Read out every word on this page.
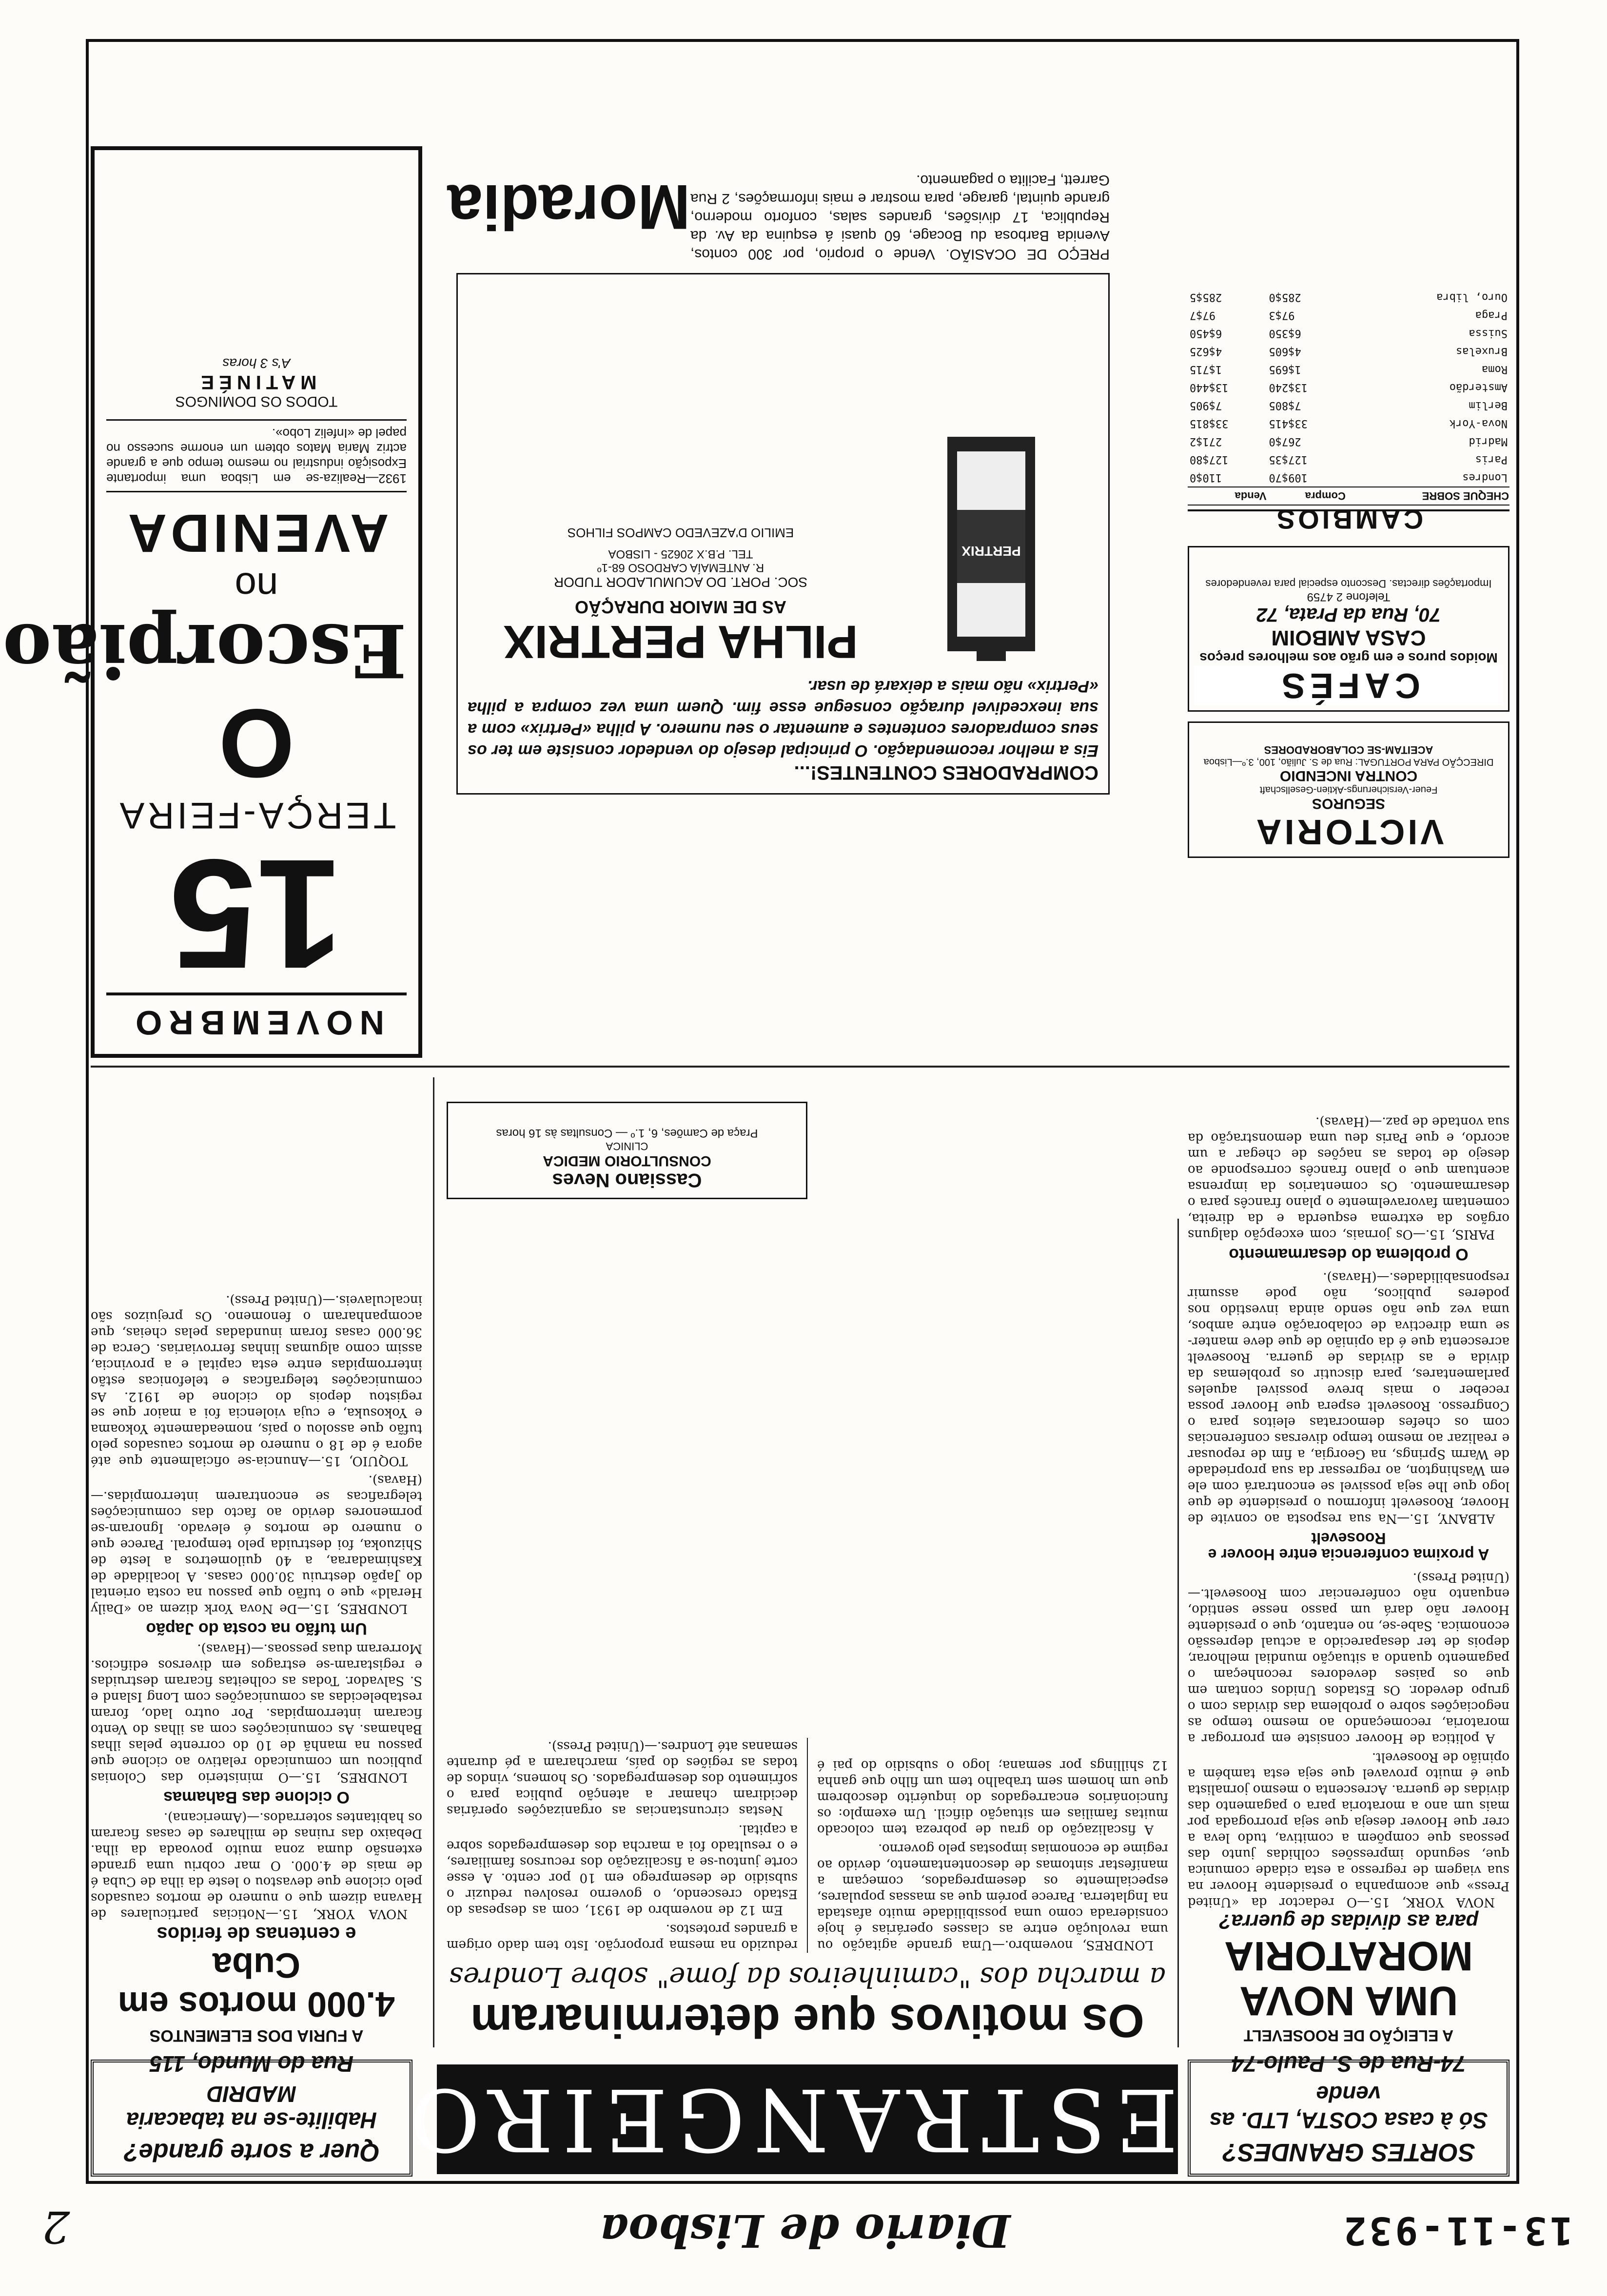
13-11-932
Diario de Lisboa
2
SORTES GRANDES?
Só à casa COSTA, LTD. as vende
74-Rua de S. Paulo-74
ESTRANGEIRO
Quer a sorte grande?
Habilite-se na tabacaria MADRID
Rua do Mundo, 115
A ELEIÇÃO DE ROOSEVELT
UMA NOVA MORATORIA
para as dividas de guerra?

NOVA YORK, 15.—O redactor da «United Press» que acompanha o presidente Hoover na sua viagem de regresso a esta cidade comunica que, segundo impressões colhidas junto das pessoas que compõem a comitiva, tudo leva a crer que Hoover deseja que seja prorrogada por mais um ano a moratoria para o pagamento das dividas de guerra. Acrescenta o mesmo jornalista que é muito provavel que seja esta também a opinião de Roosevelt.

A politica de Hoover consiste em prorrogar a moratoria, recomeçando ao mesmo tempo as negociações sobre o problema das dividas com o grupo devedor. Os Estados Unidos contam em que os paises devedores reconheçam o pagamento quando a situação mundial melhorar, depois de ter desaparecido a actual depressão economica. Sabe-se, no entanto, que o presidente Hoover não dará um passo nesse sentido, enquanto não conferenciar com Roosevelt.—(United Press).

A proxima conferencia entre Hoover e Roosevelt

ALBANY, 15.—Na sua resposta ao convite de Hoover, Roosevelt informou o presidente de que logo que lhe seja possivel se encontrará com ele em Washington, ao regressar da sua propriedade de Warm Springs, na Georgia, a fim de repousar e realizar ao mesmo tempo diversas conferencias com os chefes democratas eleitos para o Congresso. Roosevelt espera que Hoover possa receber o mais breve possivel aqueles parlamentares, para discutir os problemas da divida e as dividas de guerra. Roosevelt acrescenta que é da opinião de que deve manter-se uma directiva de colaboração entre ambos, uma vez que não sendo ainda investido nos poderes publicos, não pode assumir responsabilidades.—(Havas).

O problema do desarmamento

PARIS, 15.—Os jornais, com excepção dalguns orgãos da extrema esquerda e da direita, comentam favoravelmente o plano francês para o desarmamento. Os comentarios da imprensa acentuam que o plano francês corresponde ao desejo de todas as nações de chegar a um acordo, e que Paris deu uma demonstração da sua vontade de paz.—(Havas).

Os motivos que determinaram
a marcha dos "caminheiros da fome" sobre Londres

LONDRES, novembro.—Uma grande agitação ou uma revolução entre as classes operárias é hoje considerada como uma possibilidade muito afastada na Inglaterra. Parece porém que as massas populares, especialmente os desempregados, começam a manifestar sintomas de descontentamento, devido ao regime de economias impostas pelo governo.

A fiscalização do grau de pobreza tem colocado muitas familias em situação dificil. Um exemplo: os funcionários encarregados do inquérito descobrem que um homem sem trabalho tem um filho que ganha 12 shillings por semana; logo o subsidio do pai é reduzido na mesma proporção. Isto tem dado origem a grandes protestos.

Em 12 de novembro de 1931, com as despesas do Estado crescendo, o governo resolveu reduzir o subsidio de desemprego em 10 por cento. A esse corte juntou-se a fiscalização dos recursos familiares, e o resultado foi a marcha dos desempregados sobre a capital.

Nestas circunstancias as organizações operárias decidiram chamar a atenção publica para o sofrimento dos desempregados. Os homens, vindos de todas as regiões do país, marcharam a pé durante semanas até Londres.—(United Press).

Cassiano Neves
CONSULTORIO MEDICA
CLINICA
Praça de Camões, 6, 1.º — Consultas às 16 horas
A FURIA DOS ELEMENTOS
4.000 mortos em Cuba
e centenas de feridos

NOVA YORK, 15.—Noticias particulares de Havana dizem que o numero de mortos causados pelo ciclone que devastou o leste da ilha de Cuba é de mais de 4.000. O mar cobriu uma grande extensão duma zona muito povoada da ilha. Debaixo das ruinas de milhares de casas ficaram os habitantes soterrados.—(Americana).

O ciclone das Bahamas

LONDRES, 15.—O ministerio das Colonias publicou um comunicado relativo ao ciclone que passou na manhã de 10 do corrente pelas ilhas Bahamas. As comunicações com as ilhas do Vento ficaram interrompidas. Por outro lado, foram restabelecidas as comunicações com Long Island e S. Salvador. Todas as colheitas ficaram destruidas e registaram-se estragos em diversos edificios. Morreram duas pessoas.—(Havas).

Um tufão na costa do Japão

LONDRES, 15.—De Nova York dizem ao «Daily Herald» que o tufão que passou na costa oriental do Japão destruiu 30.000 casas. A localidade de Kashimadaraa, a 40 quilometros a leste de Shizuoka, foi destruida pelo temporal. Parece que o numero de mortos é elevado. Ignoram-se pormenores devido ao facto das comunicações telegraficas se encontrarem interrompidas.—(Havas).

TOQUIO, 15.—Anuncia-se oficialmente que até agora é de 18 o numero de mortos causados pelo tufão que assolou o país, nomeadamente Yokoama e Yokosuka, e cuja violencia foi a maior que se registou depois do ciclone de 1912. As comunicações telegraficas e telefonicas estão interrompidas entre esta capital e a provincia, assim como algumas linhas ferroviarias. Cerca de 36.000 casas foram inundadas pelas cheias, que acompanharam o fenomeno. Os prejuizos são incalculaveis.—(United Press).

NOVEMBRO
15
TERÇA-FEIRA
O
Escorpião
no
AVENIDA
1932—Realiza-se em Lisboa uma importante Exposição industrial no mesmo tempo que a grande actriz Maria Matos obtem um enorme sucesso no papel de «Infeliz Lobo».
TODOS OS DOMINGOS
MATINÉE
A's 3 horas
COMPRADORES CONTENTES!...
Eis a melhor recomendação. O principal desejo do vendedor consiste em ter os seus compradores contentes e aumentar o seu numero. A pilha «Pertrix» com a sua inexcedivel duração consegue esse fim. Quem uma vez compra a pilha «Pertrix» não mais a deixará de usar.
PERTRIX
PILHA PERTRIX
AS DE MAIOR DURAÇÃO
SOC. PORT. DO ACUMULADOR TUDOR
R. ANTEMAÍA CARDOSO 68-1º
TEL. P.B.X 20625 - LISBOA
EMILIO D'AZEVEDO CAMPOS FILHOS
Moradia
PREÇO DE OCASIÃO. Vende o proprio, por 300 contos, Avenida Barbosa du Bocage, 60 quasi á esquina da Av. da Republica, 17 divisões, grandes salas, conforto moderno, grande quintal, garage, para mostrar e mais informações, 2 Rua Garrett, Facilita o pagamento.
VICTORIA
SEGUROS
Feuer-Versicherungs-Aktien-Gesellschaft
CONTRA INCENDIO
DIRECÇÃO PARA PORTUGAL: Rua de S. Julião, 100, 3.º—Lisboa
ACEITAM-SE COLABORADORES
CAFÉS
Moidos puros e em grão aos melhores preços
CASA AMBOIM
70, Rua da Prata, 72
Telefone 2 4759
Importações directas. Desconto especial para revendedores
CAMBIOS
CHEQUE SOBRE	Compra	Venda
Londres	109$70	110$0
Paris	127$35	127$80
Madrid	267$0	271$2
Nova-York	33$415	33$815
Berlim	7$805	7$905
Amsterdão	13$240	13$440
Roma	1$695	1$715
Bruxelas	4$605	4$625
Suissa	6$350	6$450
Praga	97$3	97$7
Ouro, libra	285$0	285$5
